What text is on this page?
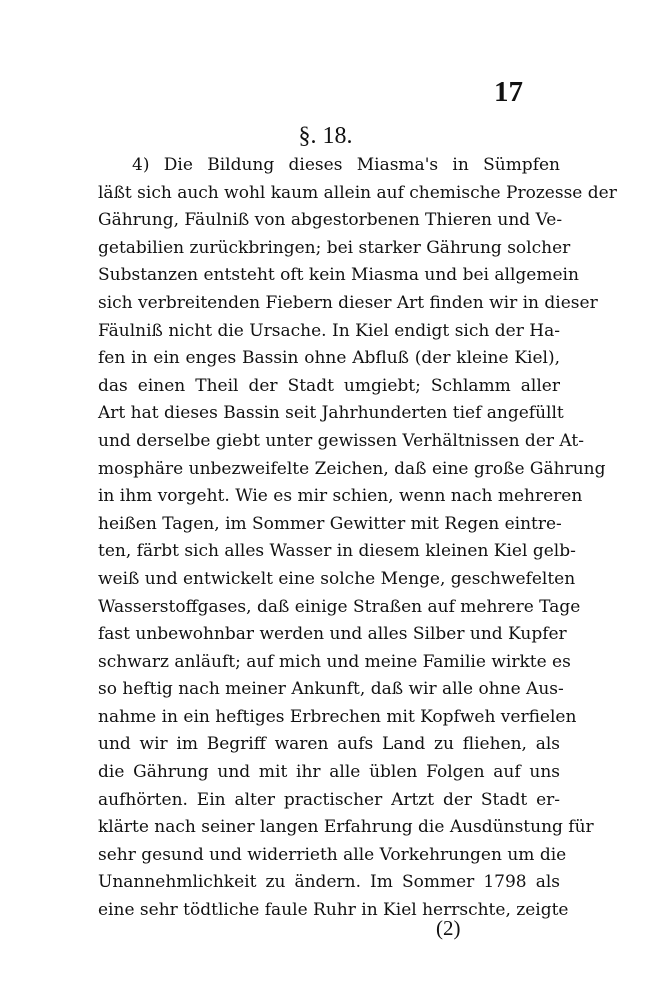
17
§. 18.
4) Die Bildung dieses Miasma's in Sümpfen
läßt sich auch wohl kaum allein auf chemische Prozesse der
Gährung, Fäulniß von abgestorbenen Thieren und Ve-
getabilien zurückbringen; bei starker Gährung solcher
Substanzen entsteht oft kein Miasma und bei allgemein
sich verbreitenden Fiebern dieser Art finden wir in dieser
Fäulniß nicht die Ursache. In Kiel endigt sich der Ha-
fen in ein enges Bassin ohne Abfluß (der kleine Kiel),
das einen Theil der Stadt umgiebt; Schlamm aller
Art hat dieses Bassin seit Jahrhunderten tief angefüllt
und derselbe giebt unter gewissen Verhältnissen der At-
mosphäre unbezweifelte Zeichen, daß eine große Gährung
in ihm vorgeht. Wie es mir schien, wenn nach mehreren
heißen Tagen, im Sommer Gewitter mit Regen eintre-
ten, färbt sich alles Wasser in diesem kleinen Kiel gelb-
weiß und entwickelt eine solche Menge, geschwefelten
Wasserstoffgases, daß einige Straßen auf mehrere Tage
fast unbewohnbar werden und alles Silber und Kupfer
schwarz anläuft; auf mich und meine Familie wirkte es
so heftig nach meiner Ankunft, daß wir alle ohne Aus-
nahme in ein heftiges Erbrechen mit Kopfweh verfielen
und wir im Begriff waren aufs Land zu fliehen, als
die Gährung und mit ihr alle üblen Folgen auf uns
aufhörten. Ein alter practischer Artzt der Stadt er-
klärte nach seiner langen Erfahrung die Ausdünstung für
sehr gesund und widerrieth alle Vorkehrungen um die
Unannehmlichkeit zu ändern. Im Sommer 1798 als
eine sehr tödtliche faule Ruhr in Kiel herrschte, zeigte
(2)
